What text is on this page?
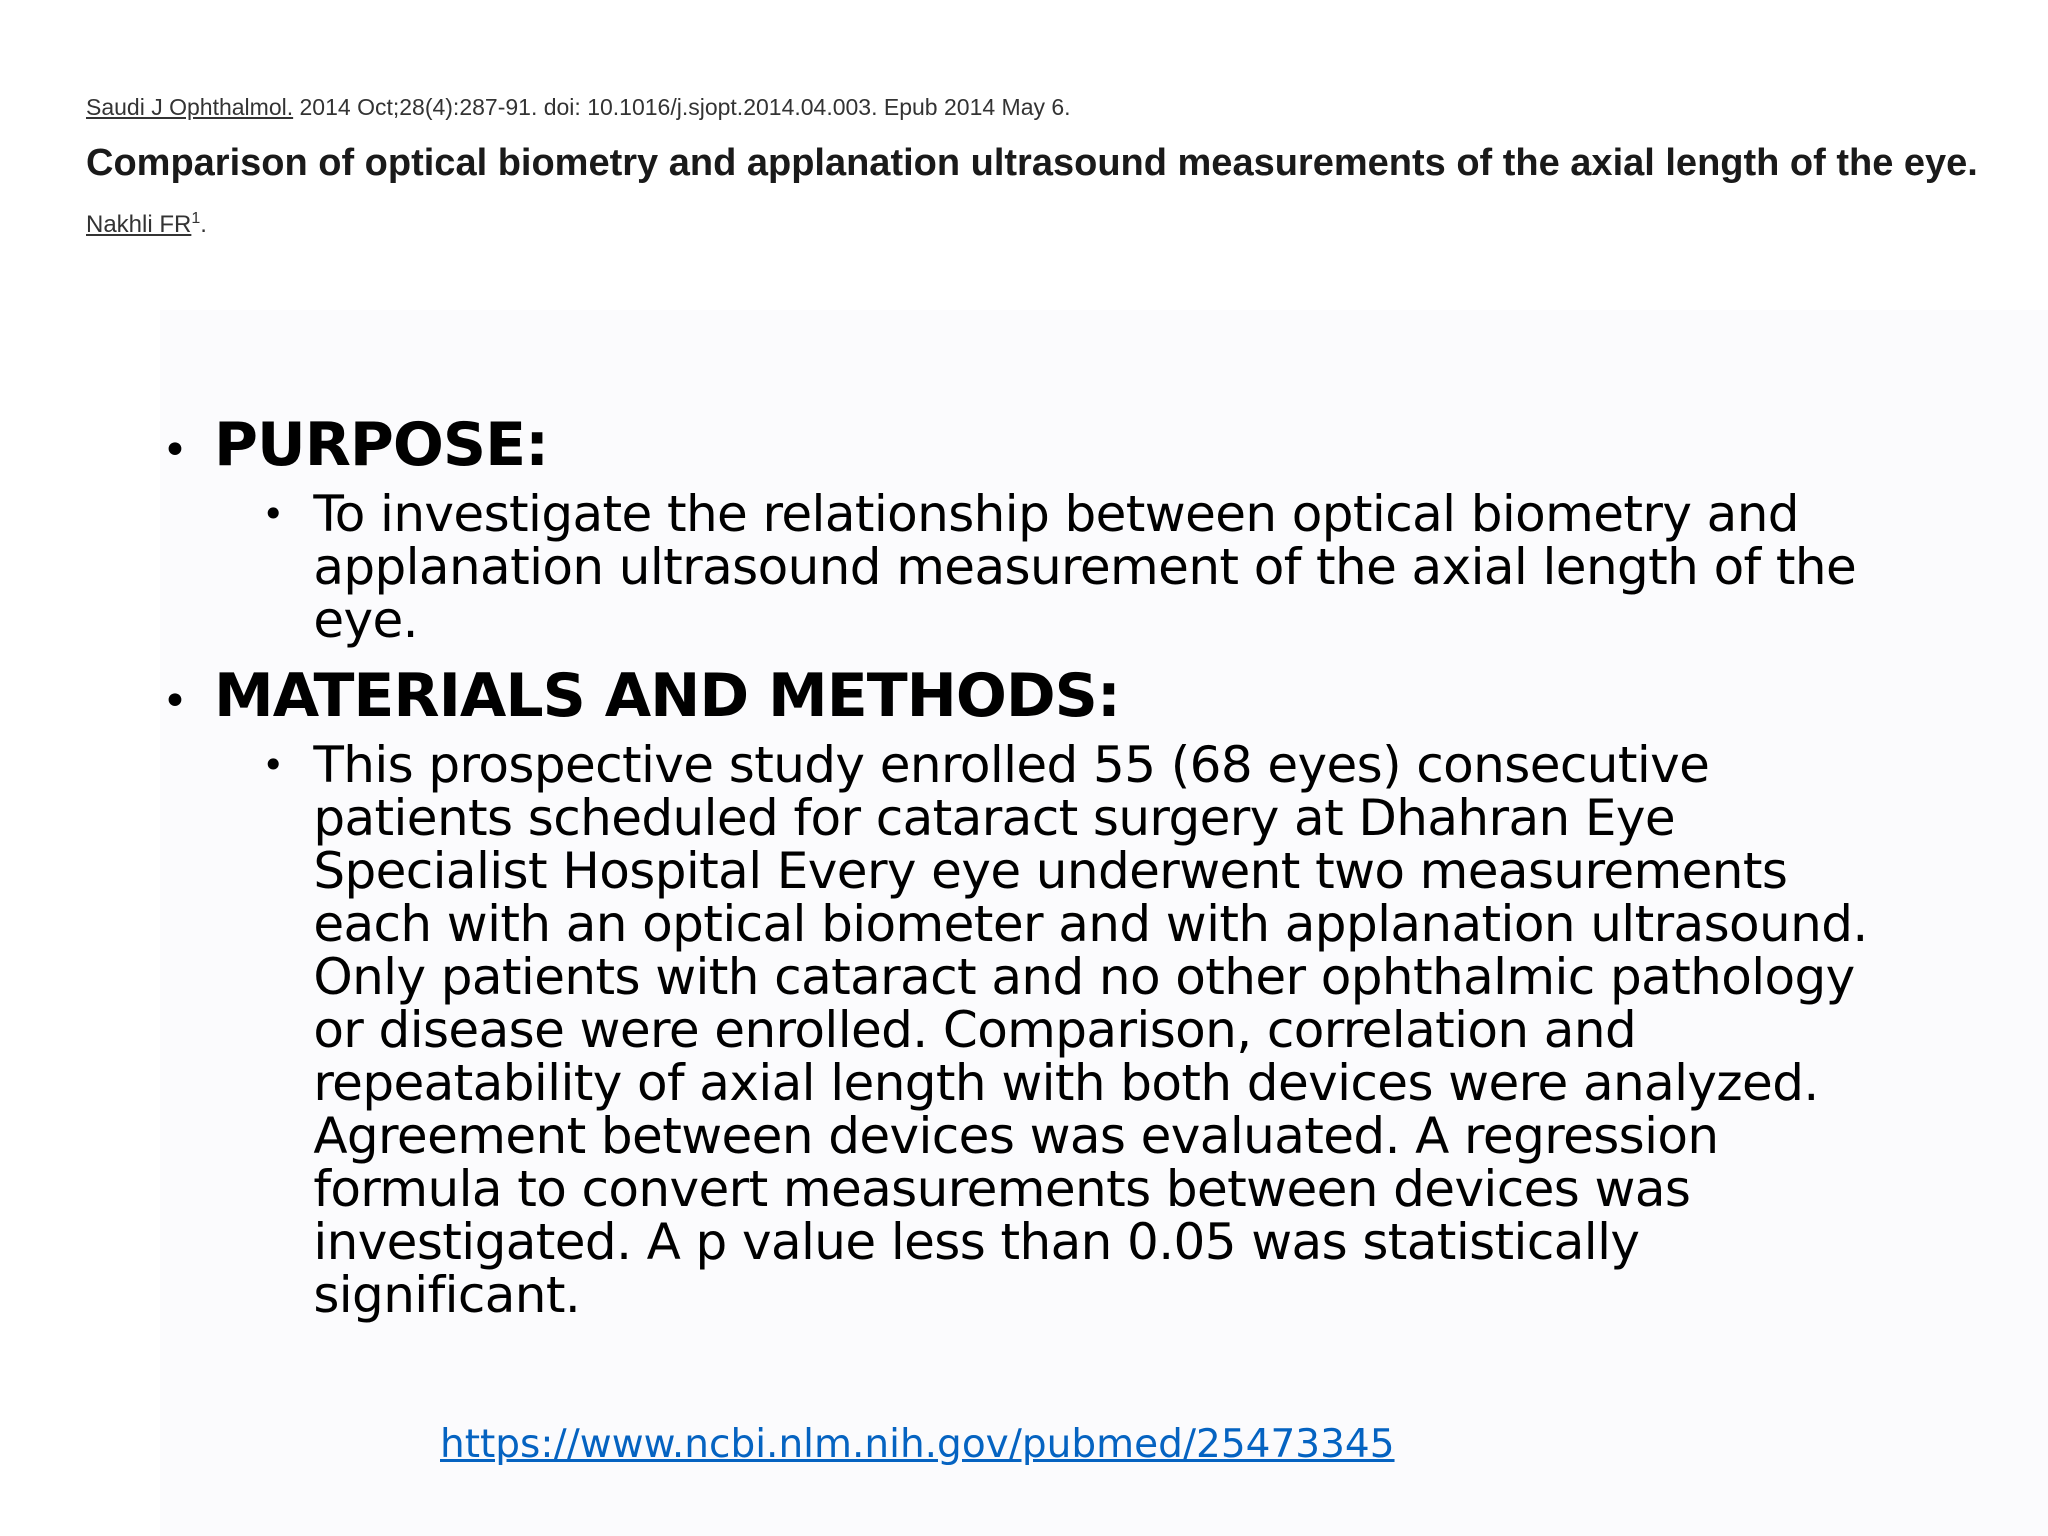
Saudi J Ophthalmol. 2014 Oct;28(4):287-91. doi: 10.1016/j.sjopt.2014.04.003. Epub 2014 May 6.
Comparison of optical biometry and applanation ultrasound measurements of the axial length of the eye.
Nakhli $FR^1$.
• PURPOSE:
• To investigate the relationship between optical biometry and applanation ultrasound measurement of the axial length of the eye.
• MATERIALS AND METHODS:
• This prospective study enrolled 55 (68 eyes) consecutive patients scheduled for cataract surgery at Dhahran Eye Specialist Hospital Every eye underwent two measurements each with an optical biometer and with applanation ultrasound. Only patients with cataract and no other ophthalmic pathology or disease were enrolled. Comparison, correlation and repeatability of axial length with both devices were analyzed. Agreement between devices was evaluated. A regression formula to convert measurements between devices was investigated. A p value less than 0.05 was statistically significant.
https://www.ncbi.nlm.nih.gov/pubmed/25473345
